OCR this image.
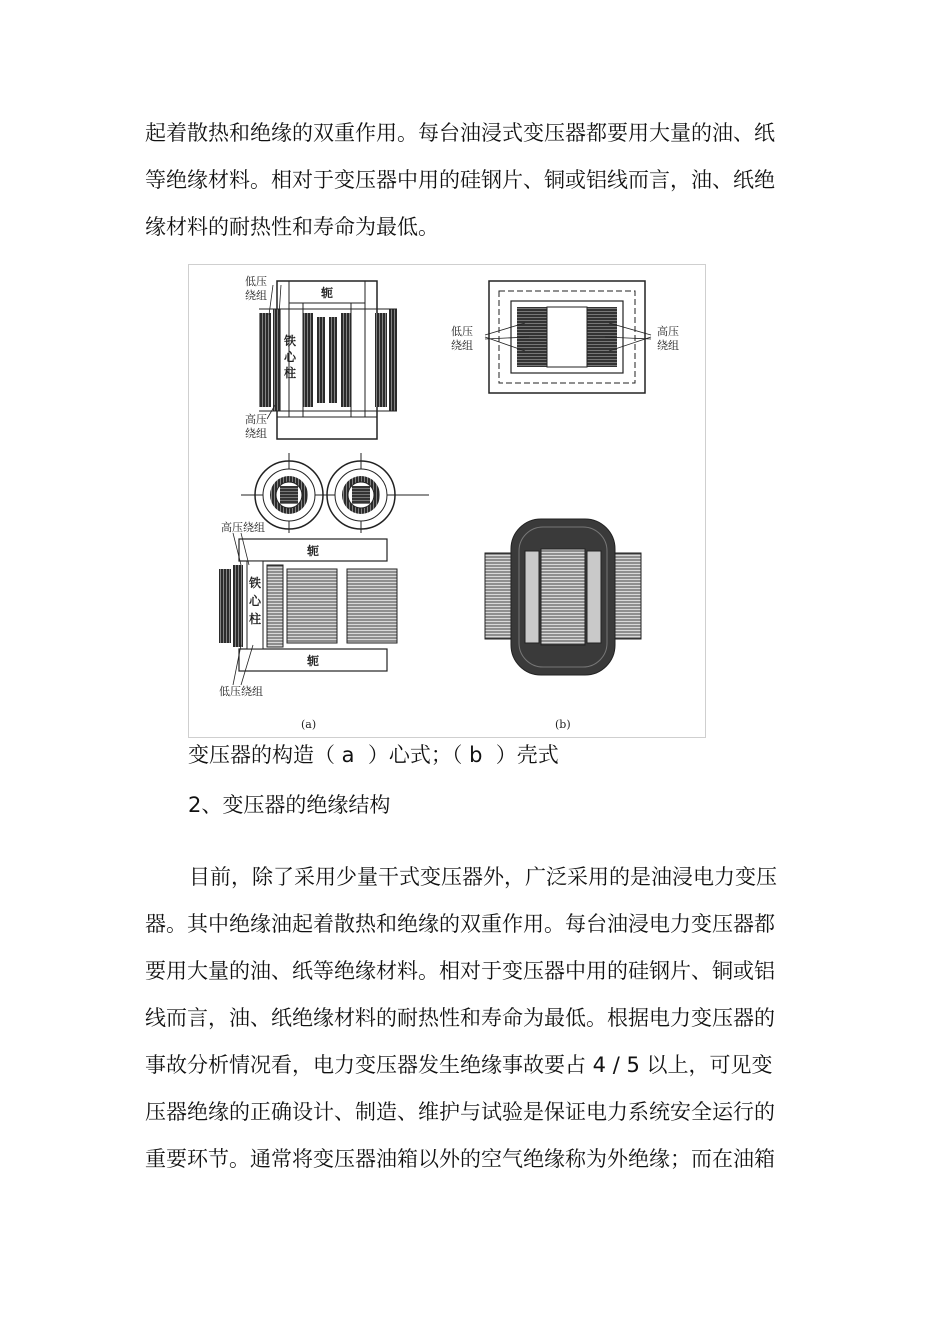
起着散热和绝缘的双重作用。每台油浸式变压器都要用大量的油、纸
等绝缘材料。相对于变压器中用的硅钢片、铜或铝线而言，油、纸绝
缘材料的耐热性和寿命为最低。
低压
绕组	轭
铁
心
柱
高压
绕组
高压绕组
轭
铁
心
柱
轭
低压绕组
(a)
低压
绕组
高压
绕组
(b)

变压器的构造（ a  ）心式；（ b  ）壳式

2、变压器的绝缘结构

目前，除了采用少量干式变压器外，广泛采用的是油浸电力变压
器。其中绝缘油起着散热和绝缘的双重作用。每台油浸电力变压器都
要用大量的油、纸等绝缘材料。相对于变压器中用的硅钢片、铜或铝
线而言，油、纸绝缘材料的耐热性和寿命为最低。根据电力变压器的
事故分析情况看，电力变压器发生绝缘事故要占 4 / 5 以上，可见变
压器绝缘的正确设计、制造、维护与试验是保证电力系统安全运行的
重要环节。通常将变压器油箱以外的空气绝缘称为外绝缘；而在油箱
